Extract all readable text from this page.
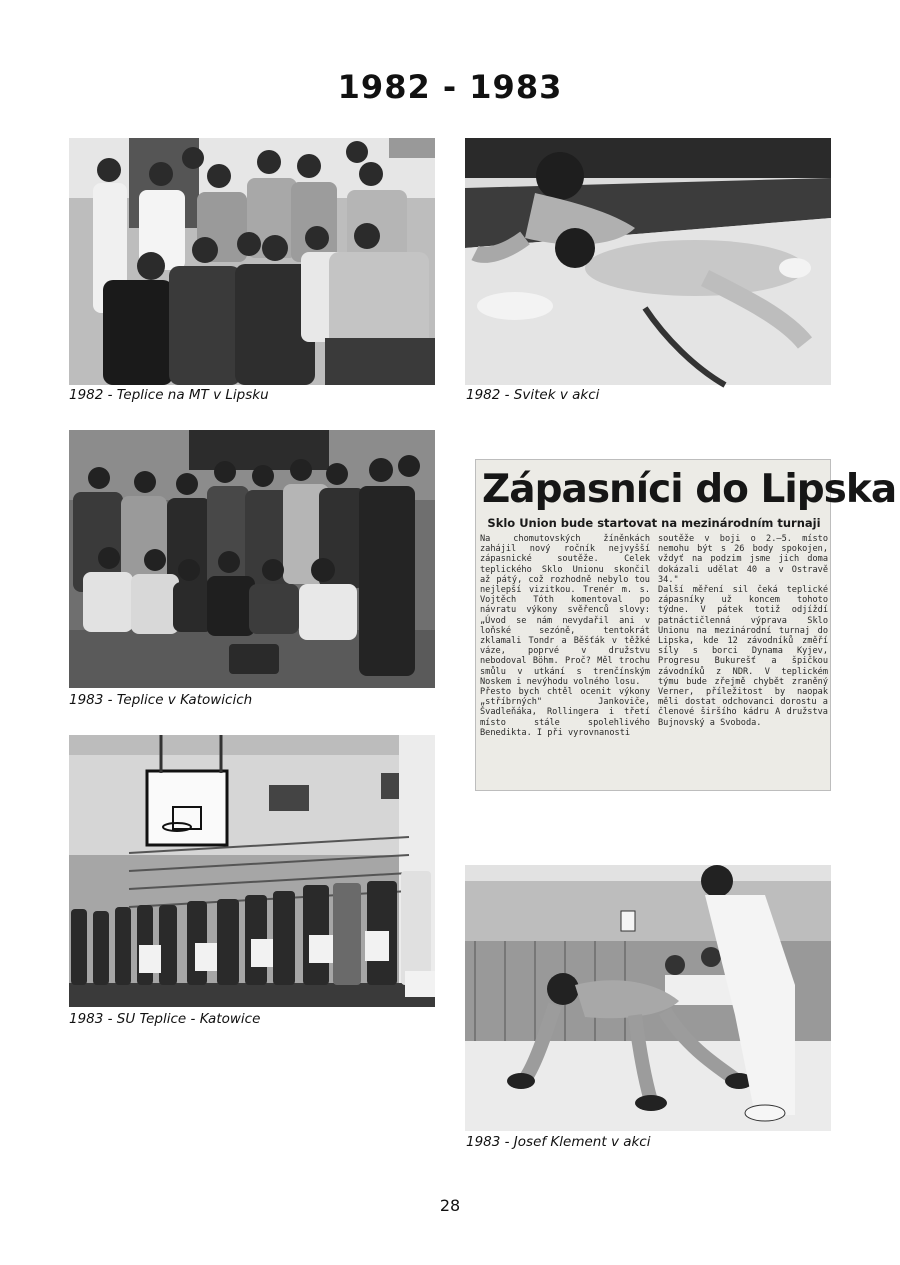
1982 - 1983
1982 - Teplice na MT v Lipsku	1982 - Svitek v akci
1983 - Teplice v Katowicich
Zápasníci do Lipska
Sklo Union bude startovat na mezinárodním turnaji
Na chomutovských žíněnkách zahájil nový ročník nejvyšší zápasnické soutěže. Celek teplického Sklo Unionu skončil až pátý, což rozhodně nebylo tou nejlepší vizitkou. Trenér m. s. Vojtěch Tóth komentoval po návratu výkony svěřenců slovy: „Úvod se nám nevydařil ani v loňské sezóně, tentokrát zklamali Tondr a Běšťák v těžké váze, poprvé v družstvu nebodoval Böhm. Proč? Měl trochu smůlu v utkání s trenčínským Noskem i nevýhodu volného losu.
Přesto bych chtěl ocenit výkony „stříbrných" Jankoviče, Švadleňáka, Rollingera i třetí místo stále spolehlivého Benedikta. I při vyrovnanosti
soutěže v boji o 2.—5. místo nemohu být s 26 body spokojen, vždyť na podzim jsme jich doma dokázali udělat 40 a v Ostravě 34."
Další měření sil čeká teplické zápasníky už koncem tohoto týdne. V pátek totiž odjíždí patnáctičlenná výprava Sklo Unionu na mezinárodní turnaj do Lipska, kde 12 závodníků změří síly s borci Dynama Kyjev, Progresu Bukurešť a špičkou závodníků z NDR. V teplickém týmu bude zřejmě chybět zraněný Verner, příležitost by naopak měli dostat odchovanci dorostu a členové širšího kádru A družstva Bujnovský a Svoboda.
1983 - SU Teplice - Katowice
1983 - Josef Klement v akci
28
